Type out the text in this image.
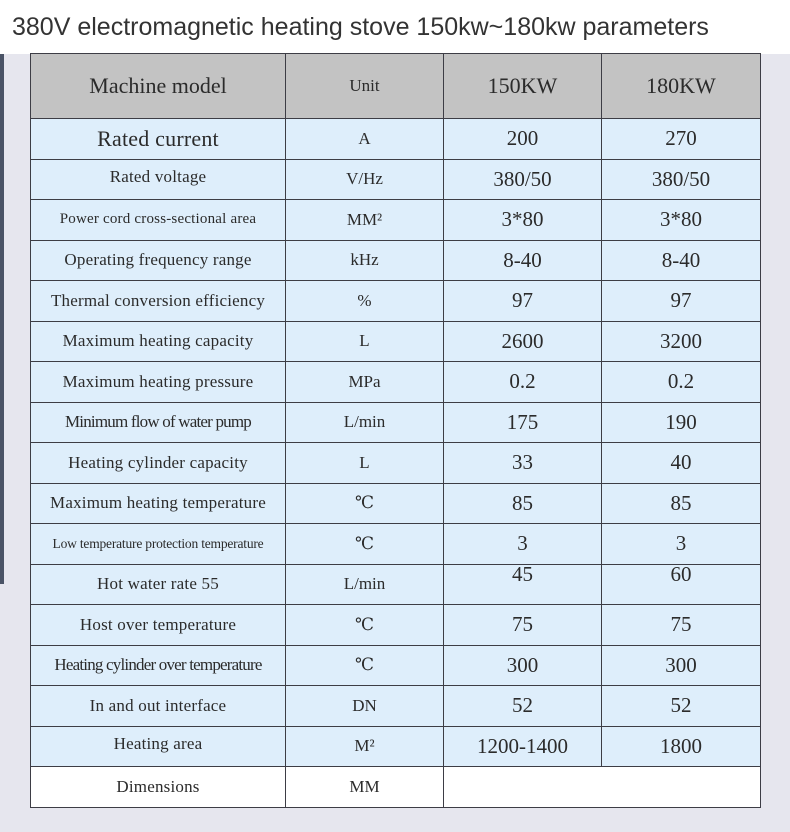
380V electromagnetic heating stove 150kw~180kw parameters
Machine model	Unit	150KW	180KW
Rated current	A	200	270
Rated voltage	V/Hz	380/50	380/50
Power cord cross-sectional area	MM²	3*80	3*80
Operating frequency range	kHz	8-40	8-40
Thermal conversion efficiency	%	97	97
Maximum heating capacity	L	2600	3200
Maximum heating pressure	MPa	0.2	0.2
Minimum flow of water pump	L/min	175	190
Heating cylinder capacity	L	33	40
Maximum heating temperature	℃	85	85
Low temperature protection temperature	℃	3	3
Hot water rate 55	L/min	45	60
Host over temperature	℃	75	75
Heating cylinder over temperature	℃	300	300
In and out interface	DN	52	52
Heating area	M²	1200-1400	1800
Dimensions	MM		
